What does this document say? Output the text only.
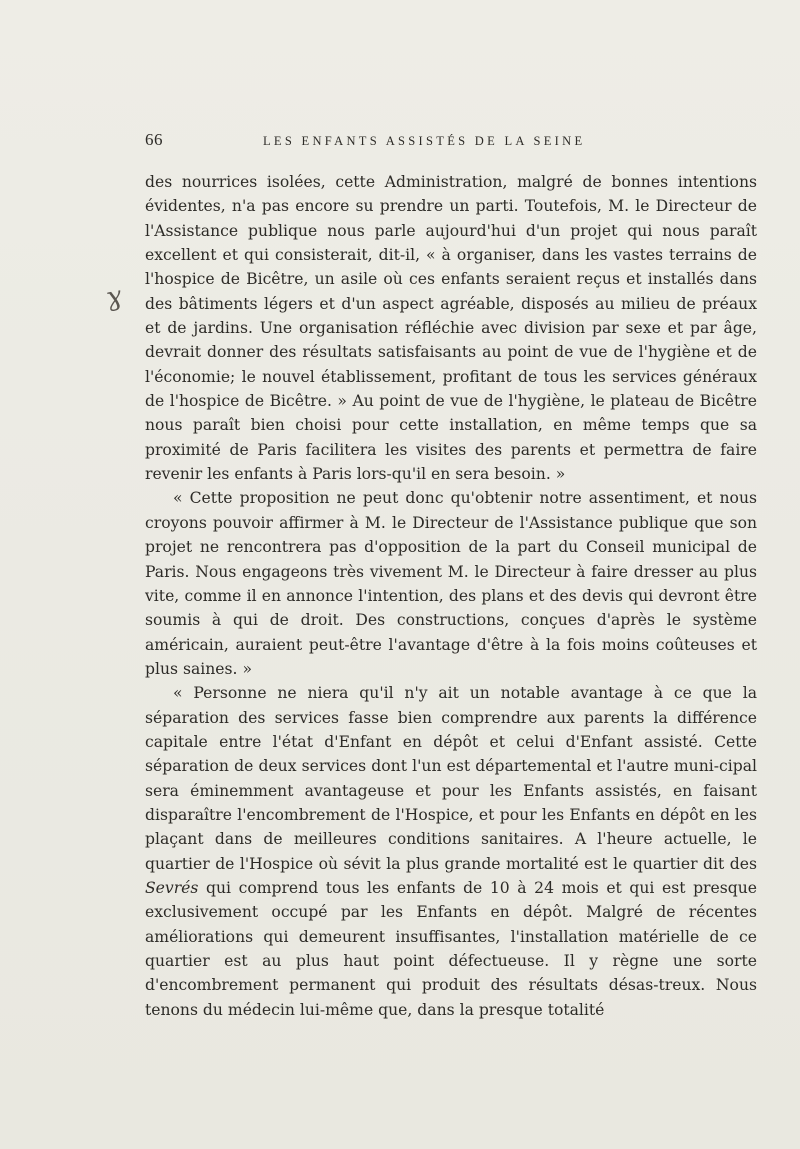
66	LES ENFANTS ASSISTÉS DE LA SEINE
ɣ

des nourrices isolées, cette Administration, malgré de bonnes intentions évidentes, n'a pas encore su prendre un parti. Toutefois, M. le Directeur de l'Assistance publique nous parle aujourd'hui d'un projet qui nous paraît excellent et qui consisterait, dit-il, « à organiser, dans les vastes terrains de l'hospice de Bicêtre, un asile où ces enfants seraient reçus et installés dans des bâtiments légers et d'un aspect agréable, disposés au milieu de préaux et de jardins. Une organisation réfléchie avec division par sexe et par âge, devrait donner des résultats satisfaisants au point de vue de l'hygiène et de l'économie; le nouvel établissement, profitant de tous les services généraux de l'hospice de Bicêtre. » Au point de vue de l'hygiène, le plateau de Bicêtre nous paraît bien choisi pour cette installation, en même temps que sa proximité de Paris facilitera les visites des parents et permettra de faire revenir les enfants à Paris lors-qu'il en sera besoin. »

« Cette proposition ne peut donc qu'obtenir notre assentiment, et nous croyons pouvoir affirmer à M. le Directeur de l'Assistance publique que son projet ne rencontrera pas d'opposition de la part du Conseil municipal de Paris. Nous engageons très vivement M. le Directeur à faire dresser au plus vite, comme il en annonce l'intention, des plans et des devis qui devront être soumis à qui de droit. Des constructions, conçues d'après le système américain, auraient peut-être l'avantage d'être à la fois moins coûteuses et plus saines. »

« Personne ne niera qu'il n'y ait un notable avantage à ce que la séparation des services fasse bien comprendre aux parents la différence capitale entre l'état d'Enfant en dépôt et celui d'Enfant assisté. Cette séparation de deux services dont l'un est départemental et l'autre muni-cipal sera éminemment avantageuse et pour les Enfants assistés, en faisant disparaître l'encombrement de l'Hospice, et pour les Enfants en dépôt en les plaçant dans de meilleures conditions sanitaires. A l'heure actuelle, le quartier de l'Hospice où sévit la plus grande mortalité est le quartier dit des Sevrés qui comprend tous les enfants de 10 à 24 mois et qui est presque exclusivement occupé par les Enfants en dépôt. Malgré de récentes améliorations qui demeurent insuffisantes, l'installation matérielle de ce quartier est au plus haut point défectueuse. Il y règne une sorte d'encombrement permanent qui produit des résultats désas-treux. Nous tenons du médecin lui-même que, dans la presque totalité
